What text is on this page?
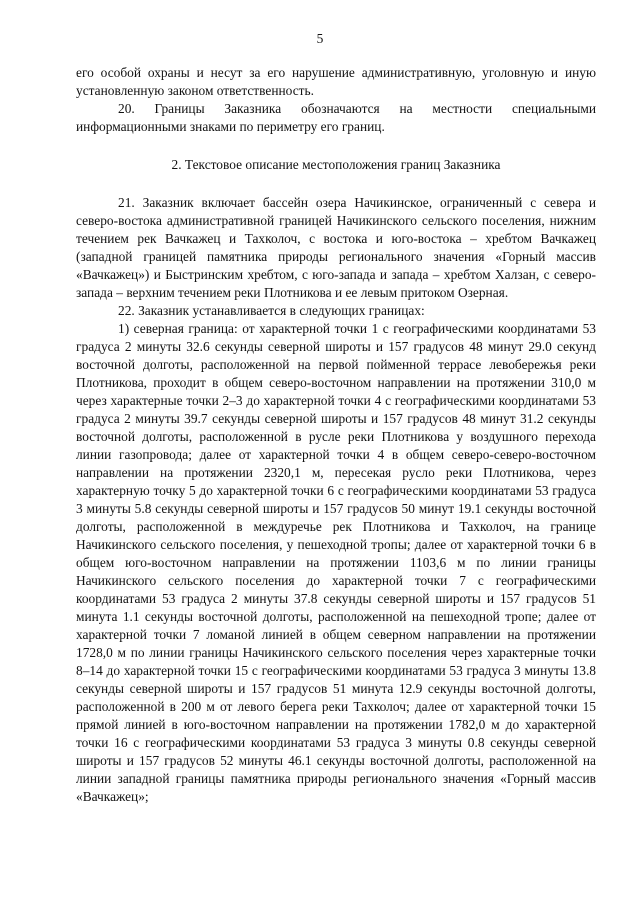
5

его особой охраны и несут за его нарушение административную, уголовную и иную установленную законом ответственность.

20. Границы Заказника обозначаются на местности специальными информационными знаками по периметру его границ.

2. Текстовое описание местоположения границ Заказника

21. Заказник включает бассейн озера Начикинское, ограниченный с севера и северо-востока административной границей Начикинского сельского поселения, нижним течением рек Вачкажец и Тахколоч, с востока и юго-востока – хребтом Вачкажец (западной границей памятника природы регионального значения «Горный массив «Вачкажец») и Быстринским хребтом, с юго-запада и запада – хребтом Халзан, с северо-запада – верхним течением реки Плотникова и ее левым притоком Озерная.

22. Заказник устанавливается в следующих границах:

1) северная граница: от характерной точки 1 с географическими координатами 53 градуса 2 минуты 32.6 секунды северной широты и 157 градусов 48 минут 29.0 секунд восточной долготы, расположенной на первой пойменной террасе левобережья реки Плотникова, проходит в общем северо-восточном направлении на протяжении 310,0 м через характерные точки 2–3 до характерной точки 4 с географическими координатами 53 градуса 2 минуты 39.7 секунды северной широты и 157 градусов 48 минут 31.2 секунды восточной долготы, расположенной в русле реки Плотникова у воздушного перехода линии газопровода; далее от характерной точки 4 в общем северо-северо-восточном направлении на протяжении 2320,1 м, пересекая русло реки Плотникова, через характерную точку 5 до характерной точки 6 с географическими координатами 53 градуса 3 минуты 5.8 секунды северной широты и 157 градусов 50 минут 19.1 секунды восточной долготы, расположенной в междуречье рек Плотникова и Тахколоч, на границе Начикинского сельского поселения, у пешеходной тропы; далее от характерной точки 6 в общем юго-восточном направлении на протяжении 1103,6 м по линии границы Начикинского сельского поселения до характерной точки 7 с географическими координатами 53 градуса 2 минуты 37.8 секунды северной широты и 157 градусов 51 минута 1.1 секунды восточной долготы, расположенной на пешеходной тропе; далее от характерной точки 7 ломаной линией в общем северном направлении на протяжении 1728,0 м по линии границы Начикинского сельского поселения через характерные точки 8–14 до характерной точки 15 с географическими координатами 53 градуса 3 минуты 13.8 секунды северной широты и 157 градусов 51 минута 12.9 секунды восточной долготы, расположенной в 200 м от левого берега реки Тахколоч; далее от характерной точки 15 прямой линией в юго-восточном направлении на протяжении 1782,0 м до характерной точки 16 с географическими координатами 53 градуса 3 минуты 0.8 секунды северной широты и 157 градусов 52 минуты 46.1 секунды восточной долготы, расположенной на линии западной границы памятника природы регионального значения «Горный массив «Вачкажец»;
